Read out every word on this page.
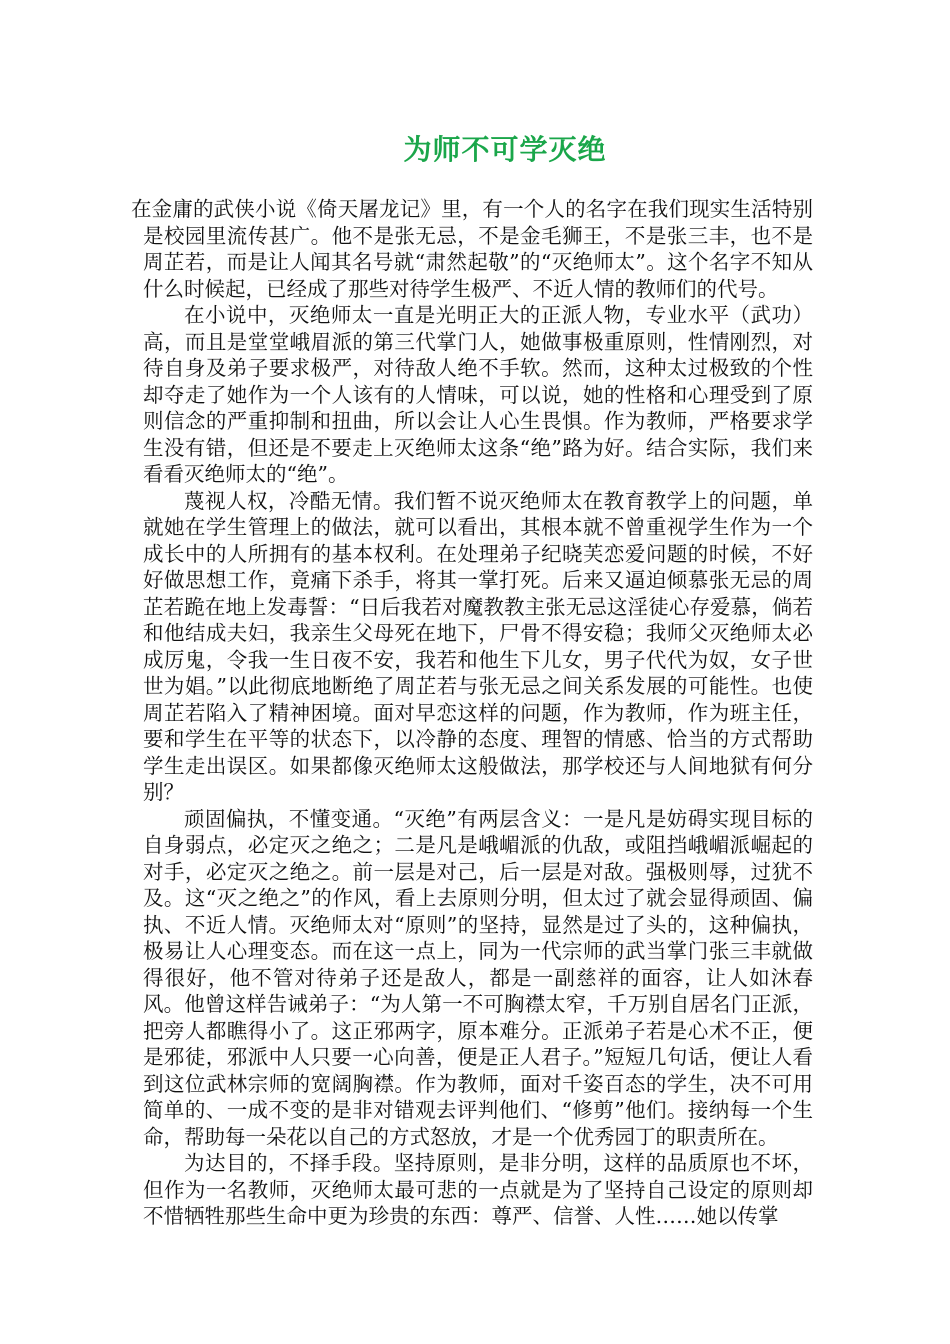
为师不可学灭绝

在金庸的武侠小说《倚天屠龙记》里，有一个人的名字在我们现实生活特别是校园里流传甚广。他不是张无忌，不是金毛狮王，不是张三丰，也不是周芷若，而是让人闻其名号就“肃然起敬”的“灭绝师太”。这个名字不知从什么时候起，已经成了那些对待学生极严、不近人情的教师们的代号。

在小说中，灭绝师太一直是光明正大的正派人物，专业水平（武功）高，而且是堂堂峨眉派的第三代掌门人，她做事极重原则，性情刚烈，对待自身及弟子要求极严，对待敌人绝不手软。然而，这种太过极致的个性却夺走了她作为一个人该有的人情味，可以说，她的性格和心理受到了原则信念的严重抑制和扭曲，所以会让人心生畏惧。作为教师，严格要求学生没有错，但还是不要走上灭绝师太这条“绝”路为好。结合实际，我们来看看灭绝师太的“绝”。

蔑视人权，冷酷无情。我们暂不说灭绝师太在教育教学上的问题，单就她在学生管理上的做法，就可以看出，其根本就不曾重视学生作为一个成长中的人所拥有的基本权利。在处理弟子纪晓芙恋爱问题的时候，不好好做思想工作，竟痛下杀手，将其一掌打死。后来又逼迫倾慕张无忌的周芷若跪在地上发毒誓：“日后我若对魔教教主张无忌这淫徒心存爱慕，倘若和他结成夫妇，我亲生父母死在地下，尸骨不得安稳；我师父灭绝师太必成厉鬼，令我一生日夜不安，我若和他生下儿女，男子代代为奴，女子世世为娼。”以此彻底地断绝了周芷若与张无忌之间关系发展的可能性。也使周芷若陷入了精神困境。面对早恋这样的问题，作为教师，作为班主任，要和学生在平等的状态下，以冷静的态度、理智的情感、恰当的方式帮助学生走出误区。如果都像灭绝师太这般做法，那学校还与人间地狱有何分别？

顽固偏执，不懂变通。“灭绝”有两层含义：一是凡是妨碍实现目标的自身弱点，必定灭之绝之；二是凡是峨嵋派的仇敌，或阻挡峨嵋派崛起的对手，必定灭之绝之。前一层是对己，后一层是对敌。强极则辱，过犹不及。这“灭之绝之”的作风，看上去原则分明，但太过了就会显得顽固、偏执、不近人情。灭绝师太对“原则”的坚持，显然是过了头的，这种偏执，极易让人心理变态。而在这一点上，同为一代宗师的武当掌门张三丰就做得很好，他不管对待弟子还是敌人，都是一副慈祥的面容，让人如沐春风。他曾这样告诫弟子：“为人第一不可胸襟太窄，千万别自居名门正派，把旁人都瞧得小了。这正邪两字，原本难分。正派弟子若是心术不正，便是邪徒，邪派中人只要一心向善，便是正人君子。”短短几句话，便让人看到这位武林宗师的宽阔胸襟。作为教师，面对千姿百态的学生，决不可用简单的、一成不变的是非对错观去评判他们、“修剪”他们。接纳每一个生命，帮助每一朵花以自己的方式怒放，才是一个优秀园丁的职责所在。

为达目的，不择手段。坚持原则，是非分明，这样的品质原也不坏，但作为一名教师，灭绝师太最可悲的一点就是为了坚持自己设定的原则却不惜牺牲那些生命中更为珍贵的东西：尊严、信誉、人性……她以传掌
